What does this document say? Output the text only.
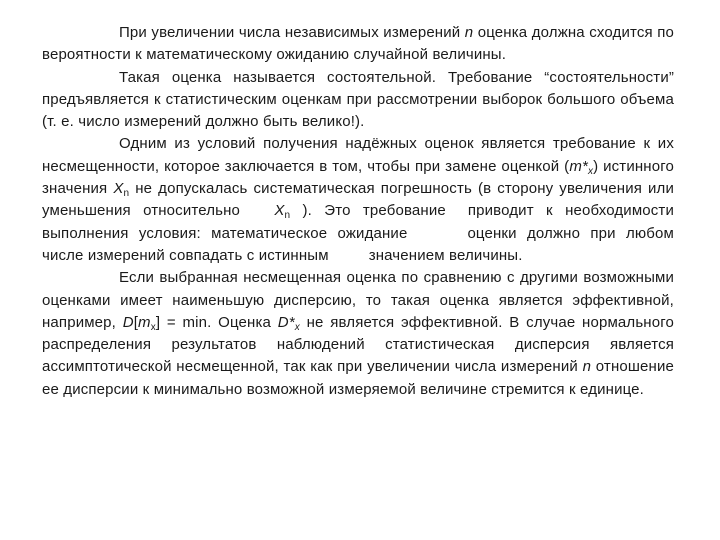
При увеличении числа независимых измерений n оценка должна сходится по вероятности к математическому ожиданию случайной величины.

Такая оценка называется состоятельной. Требование “состоятельности” предъявляется к статистическим оценкам при рассмотрении выборок большого объема (т. е. число измерений должно быть велико!).

Одним из условий получения надёжных оценок является требование к их несмещенности, которое заключается в том, чтобы при замене оценкой $(m*_x)$ истинного значения $X_n$ не допускалась систематическая погрешность (в сторону увеличения или уменьшения относительно $X_n$ ). Это требование приводит к необходимости выполнения условия: математическое ожидание	оценки должно при любом числе измерений совпадать с истинным	значением величины.

Если выбранная несмещенная оценка по сравнению с другими возможными оценками имеет наименьшую дисперсию, то такая оценка является эффективной, например, $D[m_x] = \min$. Оценка $D*_x$ не является эффективной. В случае нормального распределения результатов наблюдений статистическая дисперсия является ассимптотической несмещенной, так как при увеличении числа измерений n отношение ее дисперсии к минимально возможной измеряемой величине стремится к единице.
